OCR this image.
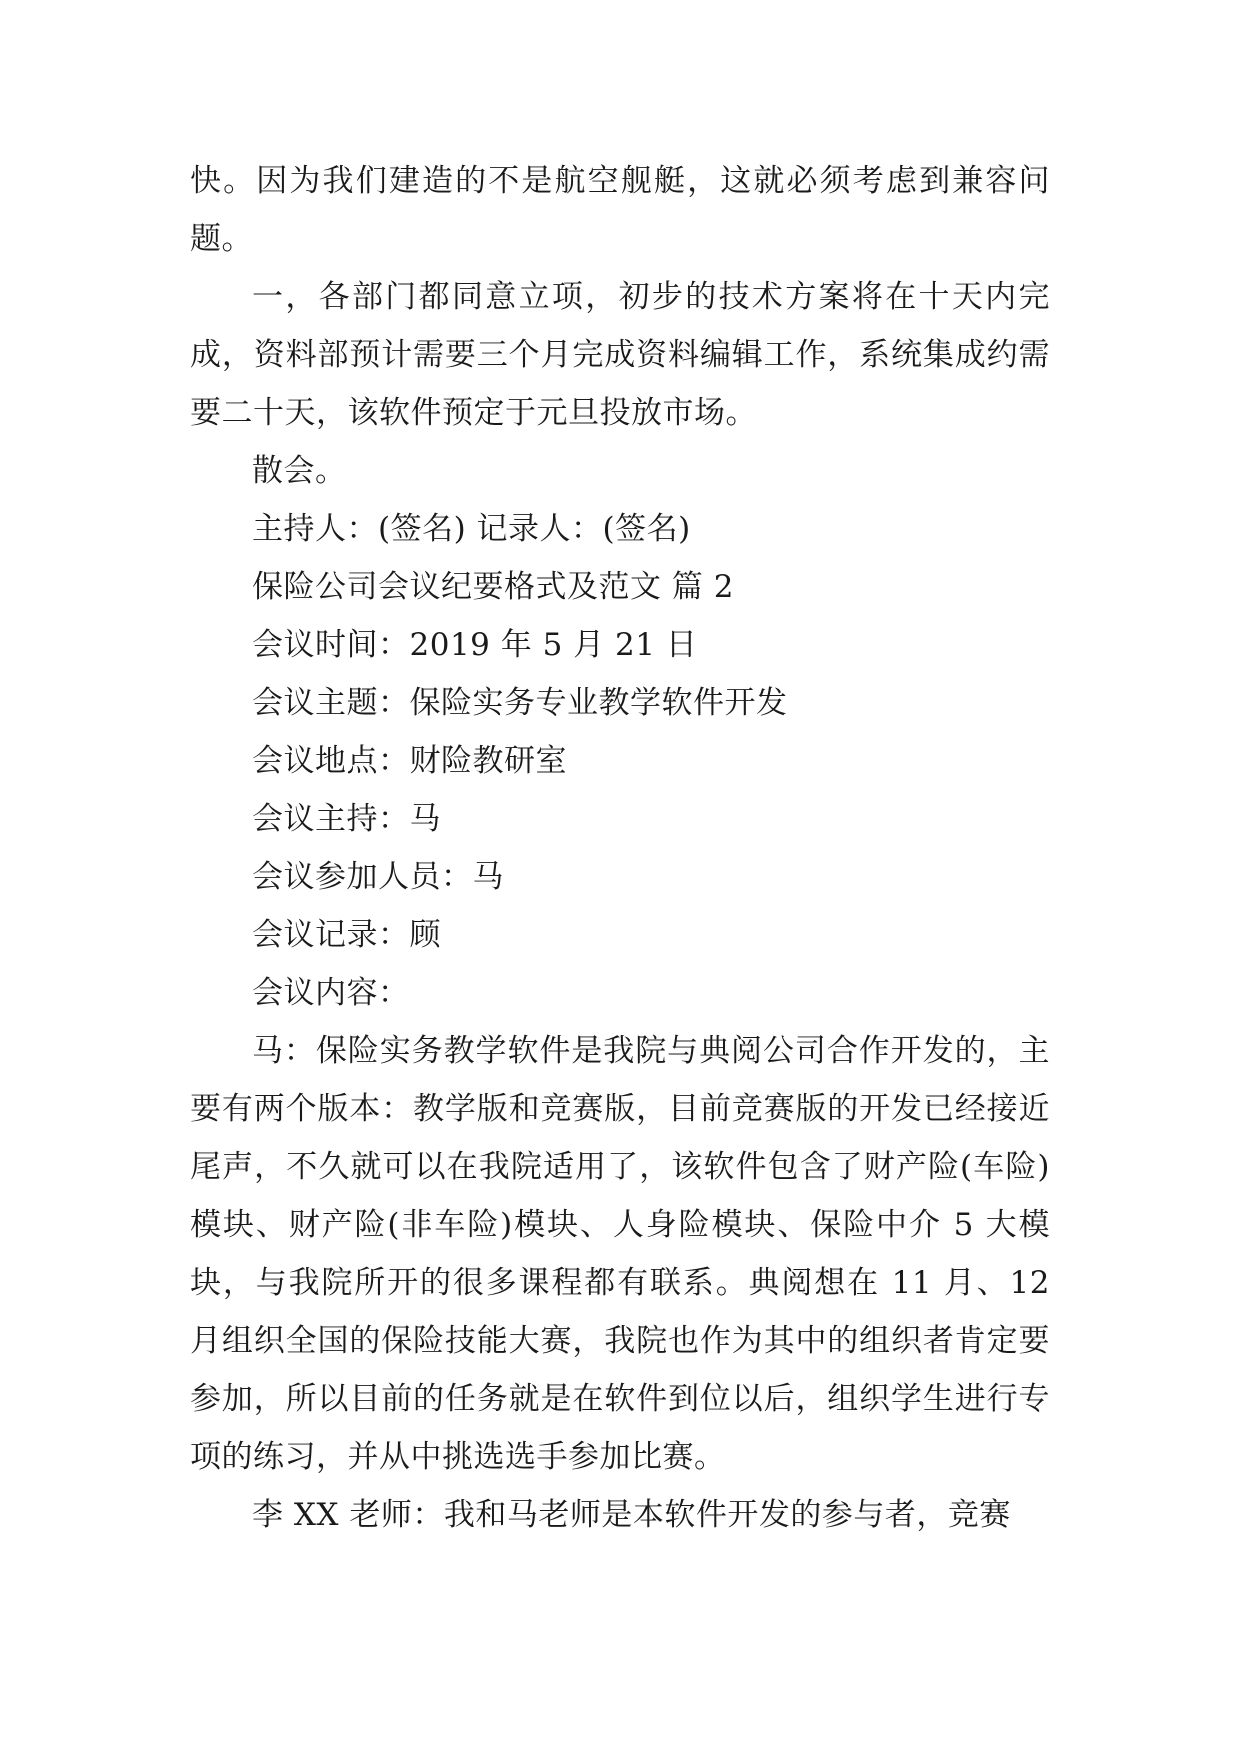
快。因为我们建造的不是航空舰艇，这就必须考虑到兼容问题。

一，各部门都同意立项，初步的技术方案将在十天内完成，资料部预计需要三个月完成资料编辑工作，系统集成约需要二十天，该软件预定于元旦投放市场。

散会。

主持人：(签名) 记录人：(签名)

保险公司会议纪要格式及范文 篇 2

会议时间：2019 年 5 月 21 日

会议主题：保险实务专业教学软件开发

会议地点：财险教研室

会议主持：马

会议参加人员：马

会议记录：顾

会议内容：

马：保险实务教学软件是我院与典阅公司合作开发的，主要有两个版本：教学版和竞赛版，目前竞赛版的开发已经接近尾声，不久就可以在我院适用了，该软件包含了财产险(车险)模块、财产险(非车险)模块、人身险模块、保险中介 5 大模块，与我院所开的很多课程都有联系。典阅想在 11 月、12 月组织全国的保险技能大赛，我院也作为其中的组织者肯定要参加，所以目前的任务就是在软件到位以后，组织学生进行专项的练习，并从中挑选选手参加比赛。

李 XX 老师：我和马老师是本软件开发的参与者，竞赛
